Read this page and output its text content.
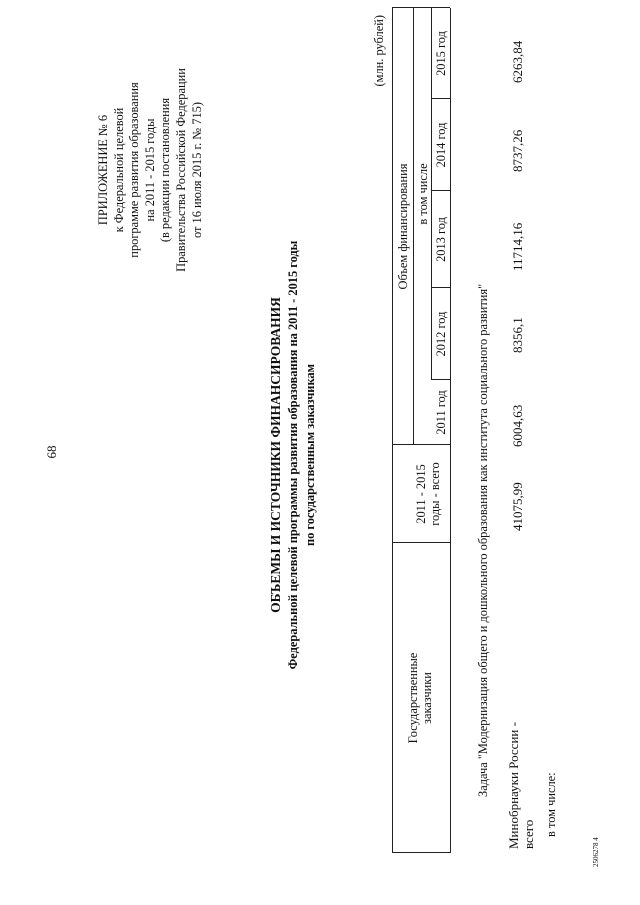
68
ПРИЛОЖЕНИЕ № 6 к Федеральной целевой программе развития образования на 2011 - 2015 годы (в редакции постановления Правительства Российской Федерации от 16 июля 2015 г. № 715)
ОБЪЕМЫ И ИСТОЧНИКИ ФИНАНСИРОВАНИЯ Федеральной целевой программы развития образования на 2011 - 2015 годы по государственным заказчикам
(млн. рублей)
Государственные заказчики
2011 - 2015 годы - всего
Объем финансирования в том числе
2011 год
2012 год
2013 год
2014 год
2015 год
Задача "Модернизация общего и дошкольного образования как института социального развития" Минобрнауки России - всего
41075,99
6004,63
8356,1
11714,16
8737,26
6263,84
в том числе:
2506278 4
